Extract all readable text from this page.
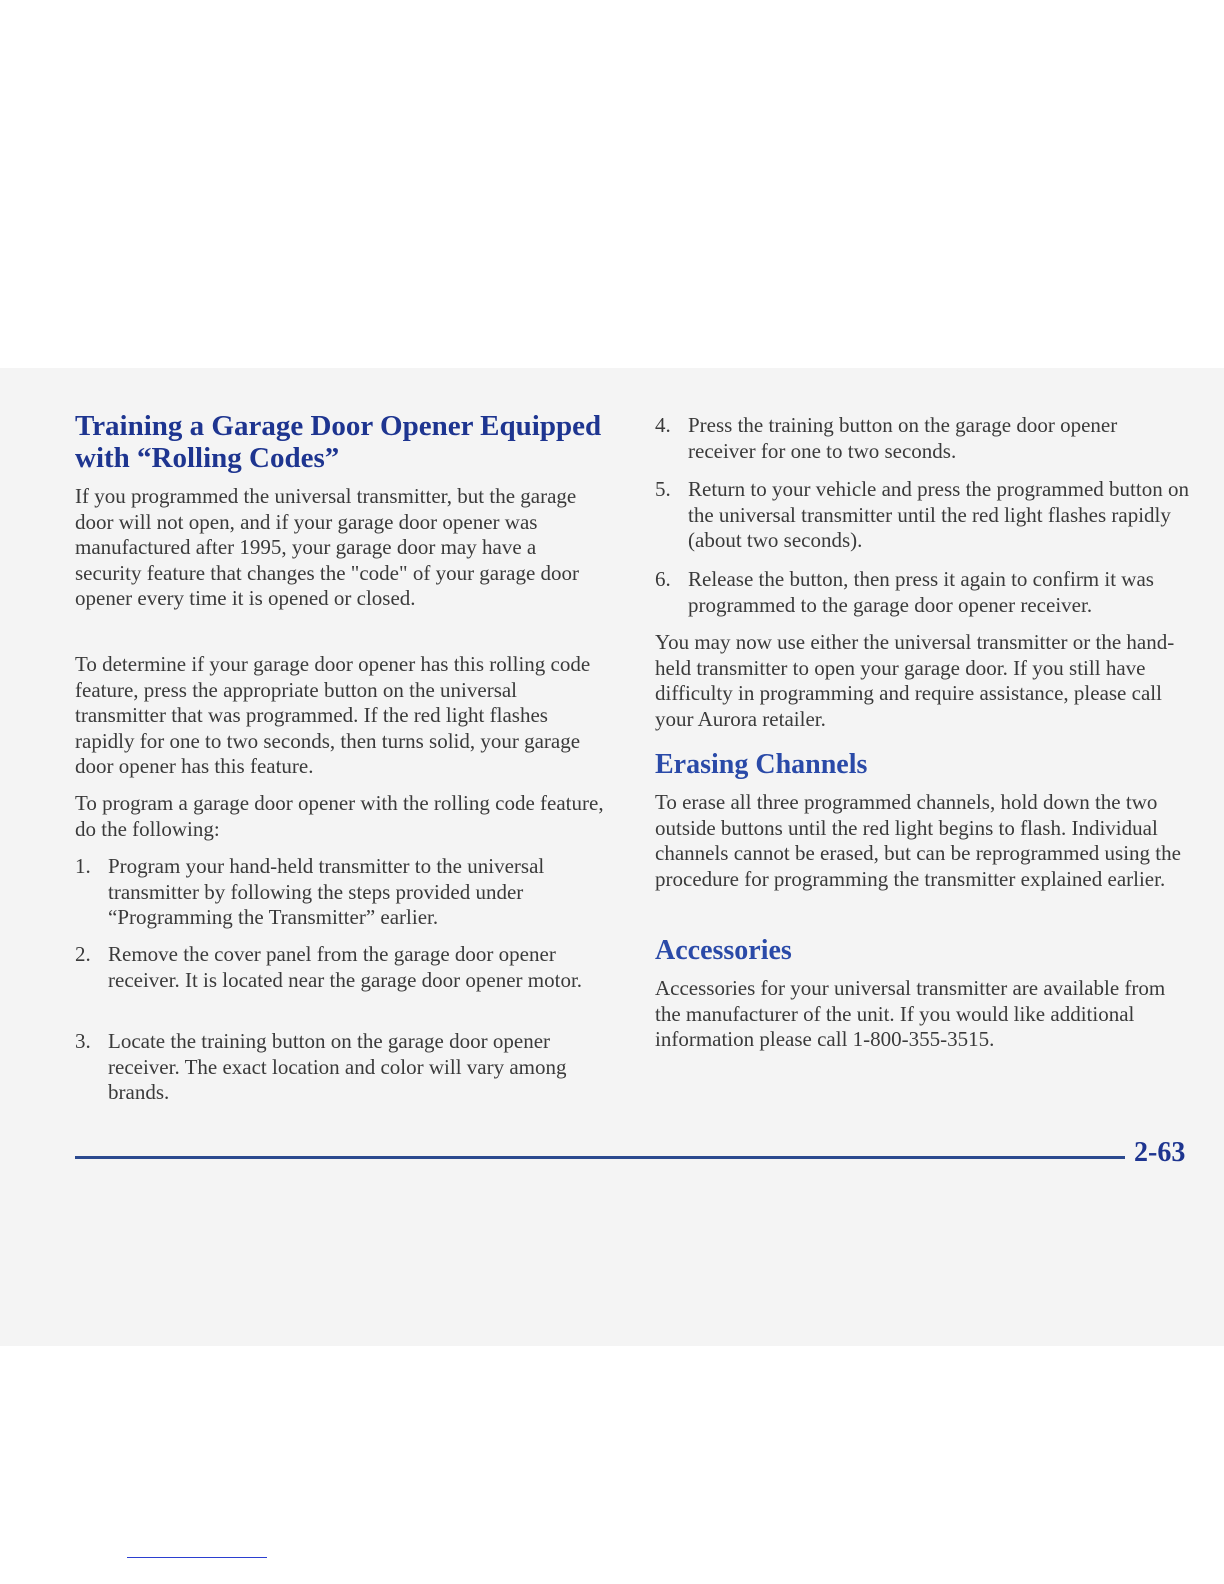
Training a Garage Door Opener Equipped with “Rolling Codes”

If you programmed the universal transmitter, but the garage door will not open, and if your garage door opener was manufactured after 1995, your garage door may have a security feature that changes the "code" of your garage door opener every time it is opened or closed.

To determine if your garage door opener has this rolling code feature, press the appropriate button on the universal transmitter that was programmed. If the red light flashes rapidly for one to two seconds, then turns solid, your garage door opener has this feature.

To program a garage door opener with the rolling code feature, do the following:

1. Program your hand-held transmitter to the universal transmitter by following the steps provided under “Programming the Transmitter” earlier.
2. Remove the cover panel from the garage door opener receiver. It is located near the garage door opener motor.
3. Locate the training button on the garage door opener receiver. The exact location and color will vary among brands.
4. Press the training button on the garage door opener receiver for one to two seconds.
5. Return to your vehicle and press the programmed button on the universal transmitter until the red light flashes rapidly (about two seconds).
6. Release the button, then press it again to confirm it was programmed to the garage door opener receiver.

You may now use either the universal transmitter or the hand-held transmitter to open your garage door. If you still have difficulty in programming and require assistance, please call your Aurora retailer.

Erasing Channels

To erase all three programmed channels, hold down the two outside buttons until the red light begins to flash. Individual channels cannot be erased, but can be reprogrammed using the procedure for programming the transmitter explained earlier.

Accessories

Accessories for your universal transmitter are available from the manufacturer of the unit. If you would like additional information please call 1-800-355-3515.

2-63
